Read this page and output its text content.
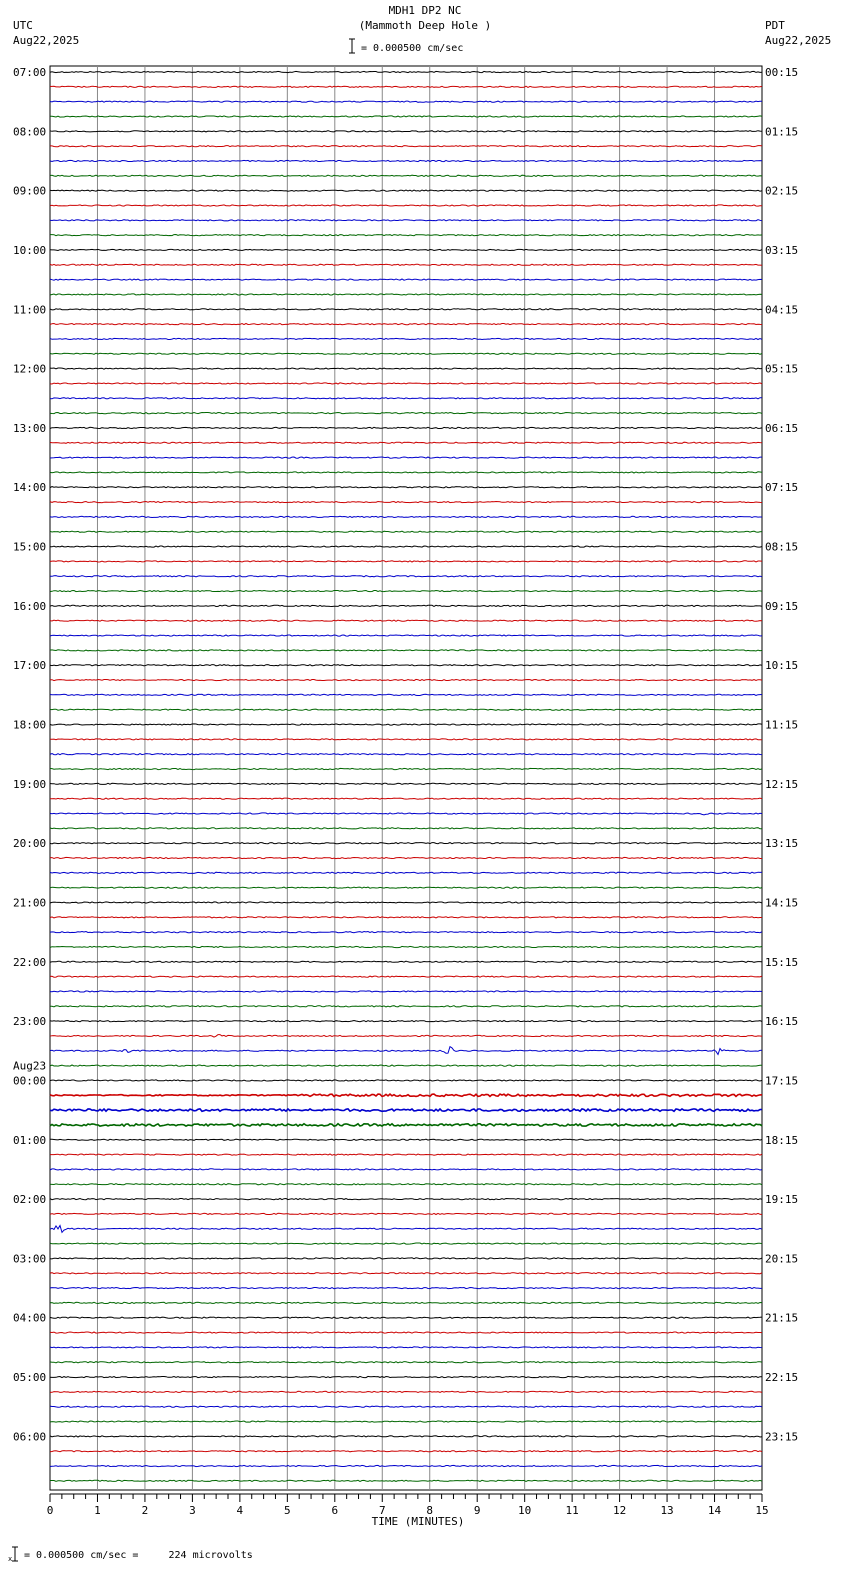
MDH1 DP2 NC
(Mammoth Deep Hole )
= 0.000500 cm/sec
UTC
Aug22,2025
PDT
Aug22,2025
07:00
08:00
09:00
10:00
11:00
12:00
13:00
14:00
15:00
16:00
17:00
18:00
19:00
20:00
21:00
22:00
23:00
00:00
01:00
02:00
03:00
04:00
05:00
06:00
Aug23
00:15
01:15
02:15
03:15
04:15
05:15
06:15
07:15
08:15
09:15
10:15
11:15
12:15
13:15
14:15
15:15
16:15
17:15
18:15
19:15
20:15
21:15
22:15
23:15
0	1	2	3	4	5	6	7	8	9	10	11	12	13	14	15
TIME (MINUTES)
x = 0.000500 cm/sec =     224 microvolts
